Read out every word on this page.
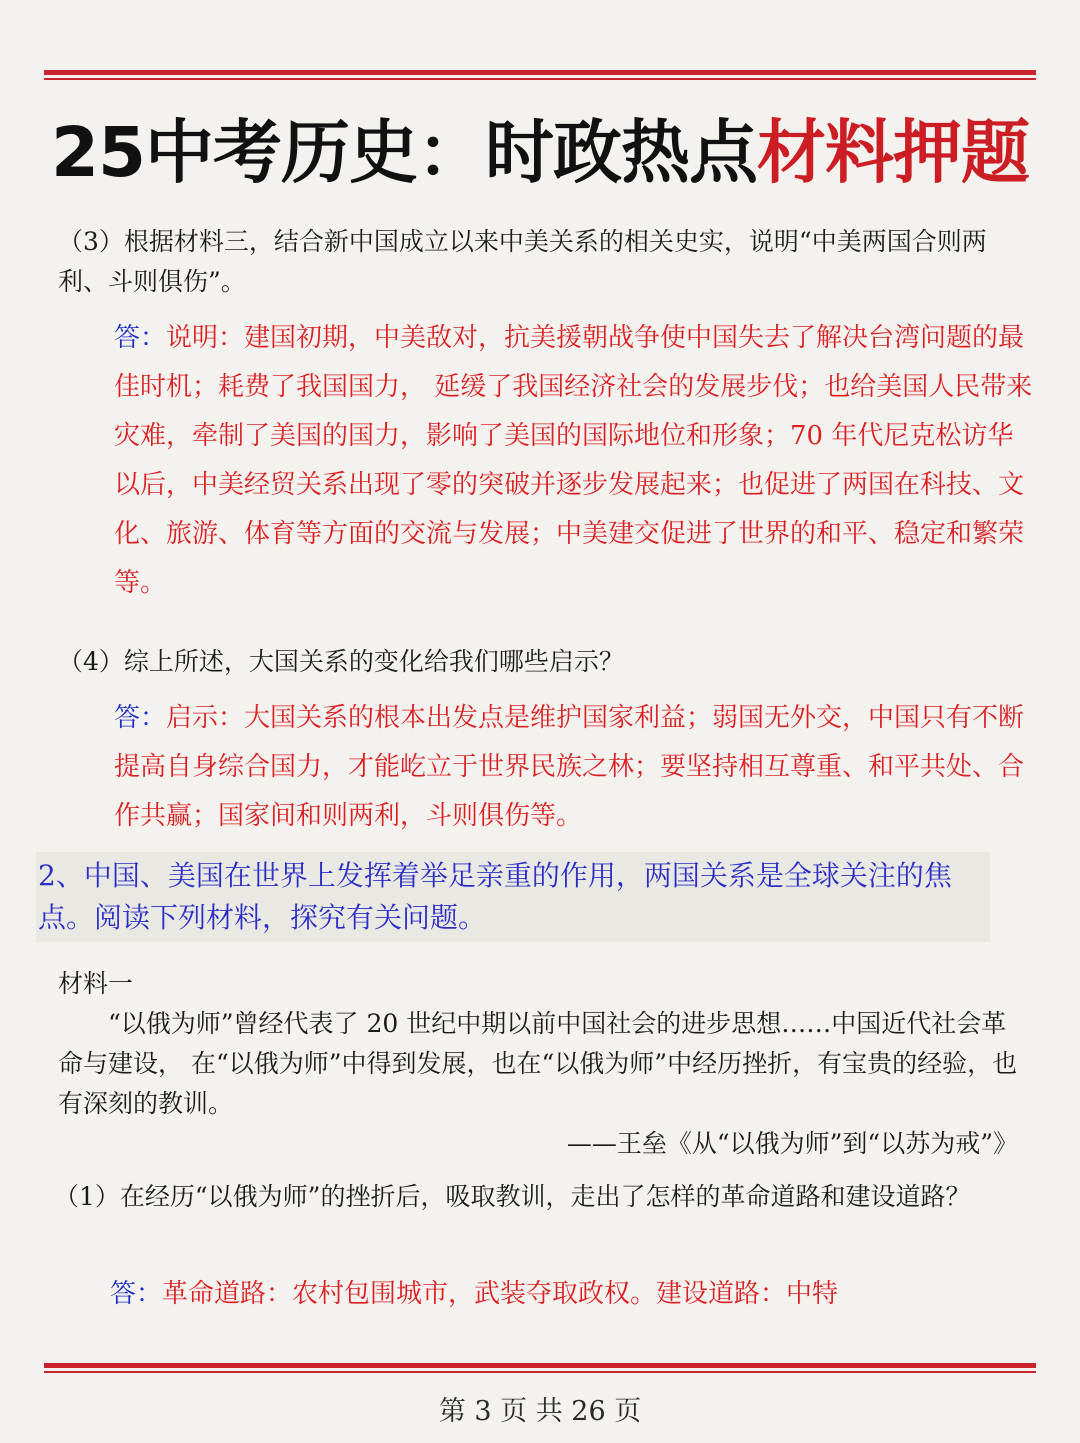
25中考历史：时政热点材料押题
（3）根据材料三，结合新中国成立以来中美关系的相关史实，说明“中美两国合则两利、斗则俱伤”。
答：说明：建国初期，中美敌对，抗美援朝战争使中国失去了解决台湾问题的最佳时机；耗费了我国国力， 延缓了我国经济社会的发展步伐；也给美国人民带来灾难，牵制了美国的国力，影响了美国的国际地位和形象；70 年代尼克松访华以后，中美经贸关系出现了零的突破并逐步发展起来；也促进了两国在科技、文化、旅游、体育等方面的交流与发展；中美建交促进了世界的和平、稳定和繁荣等。
（4）综上所述，大国关系的变化给我们哪些启示？
答：启示：大国关系的根本出发点是维护国家利益；弱国无外交，中国只有不断提高自身综合国力，才能屹立于世界民族之林；要坚持相互尊重、和平共处、合作共赢；国家间和则两利，斗则俱伤等。
2、中国、美国在世界上发挥着举足亲重的作用，两国关系是全球关注的焦点。阅读下列材料，探究有关问题。
材料一
“以俄为师”曾经代表了 20 世纪中期以前中国社会的进步思想……中国近代社会革命与建设， 在“以俄为师”中得到发展，也在“以俄为师”中经历挫折，有宝贵的经验，也有深刻的教训。
——王垒《从“以俄为师”到“以苏为戒”》
（1）在经历“以俄为师”的挫折后，吸取教训，走出了怎样的革命道路和建设道路？
答：革命道路：农村包围城市，武装夺取政权。建设道路：中特
第 3 页 共 26 页
